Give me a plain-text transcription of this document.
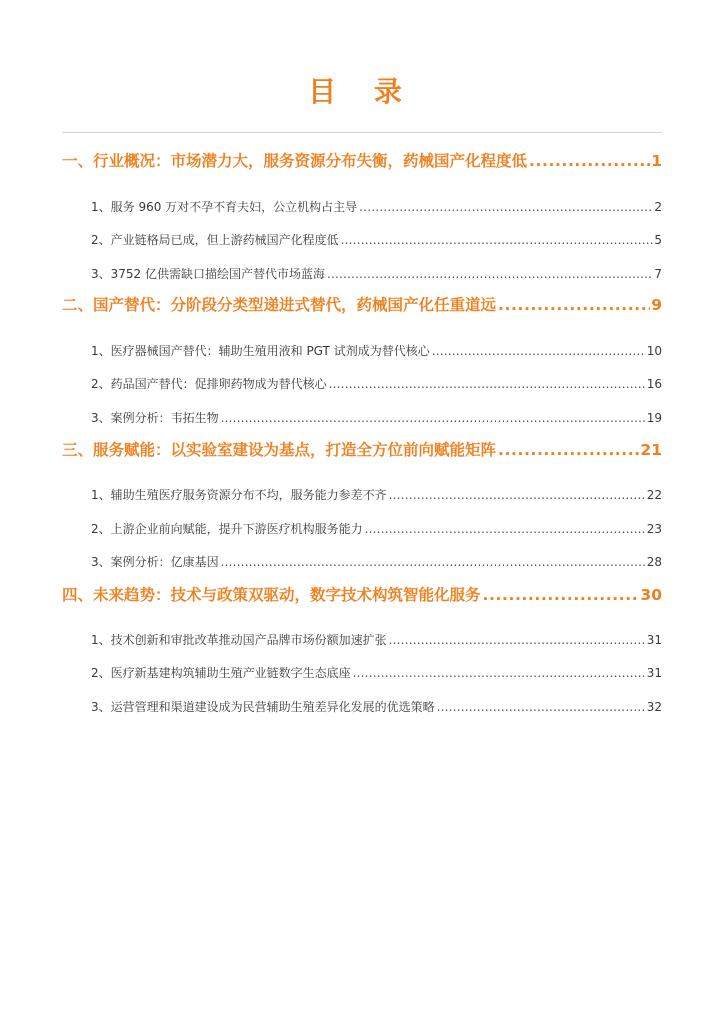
目 录
一、行业概况：市场潜力大，服务资源分布失衡，药械国产化程度低 .....	1
1、服务 960 万对不孕不育夫妇，公立机构占主导 .....	2
2、产业链格局已成，但上游药械国产化程度低 .....	5
3、3752 亿供需缺口描绘国产替代市场蓝海 .....	7
二、国产替代：分阶段分类型递进式替代，药械国产化任重道远 .....	9
1、医疗器械国产替代：辅助生殖用液和 PGT 试剂成为替代核心 .....	10
2、药品国产替代：促排卵药物成为替代核心 .....	16
3、案例分析：韦拓生物 .....	19
三、服务赋能：以实验室建设为基点，打造全方位前向赋能矩阵 .....	21
1、辅助生殖医疗服务资源分布不均，服务能力参差不齐 .....	22
2、上游企业前向赋能，提升下游医疗机构服务能力 .....	23
3、案例分析：亿康基因 .....	28
四、未来趋势：技术与政策双驱动，数字技术构筑智能化服务 .....	30
1、技术创新和审批改革推动国产品牌市场份额加速扩张 .....	31
2、医疗新基建构筑辅助生殖产业链数字生态底座 .....	31
3、运营管理和渠道建设成为民营辅助生殖差异化发展的优选策略 .....	32
